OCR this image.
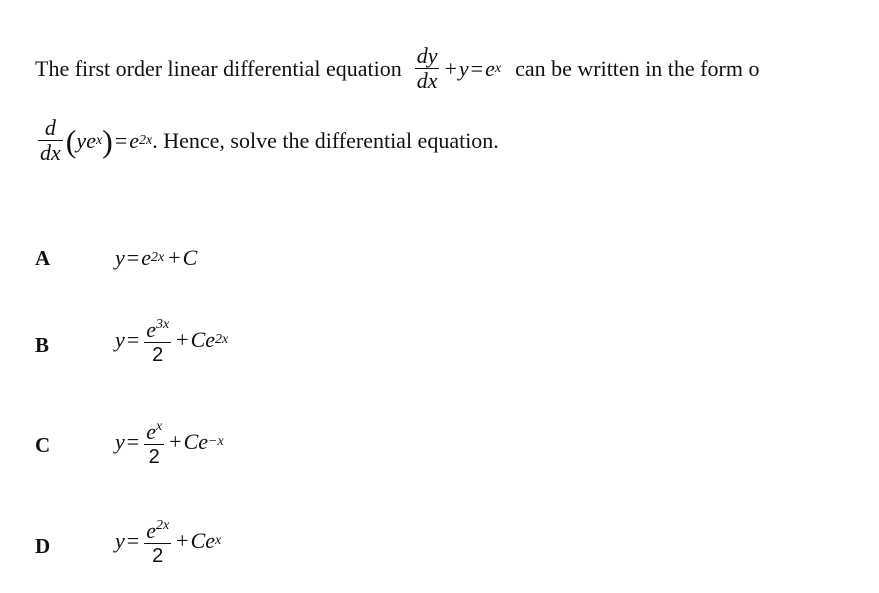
The first order linear differential equation $\frac{dy}{dx} + y = e$ x can be written in the form o
$\frac{d}{dx}$ ( y e x ) = e 2x . Hence, solve the differential equation.
A	y = e 2x + C
B	$y = \frac{e^{3x}}{2} + Ce$ 2x
C	$y = \frac{e^x}{2} + Ce -x$
D	$y = \frac{e^{2x}}{2} + Ce$ x
